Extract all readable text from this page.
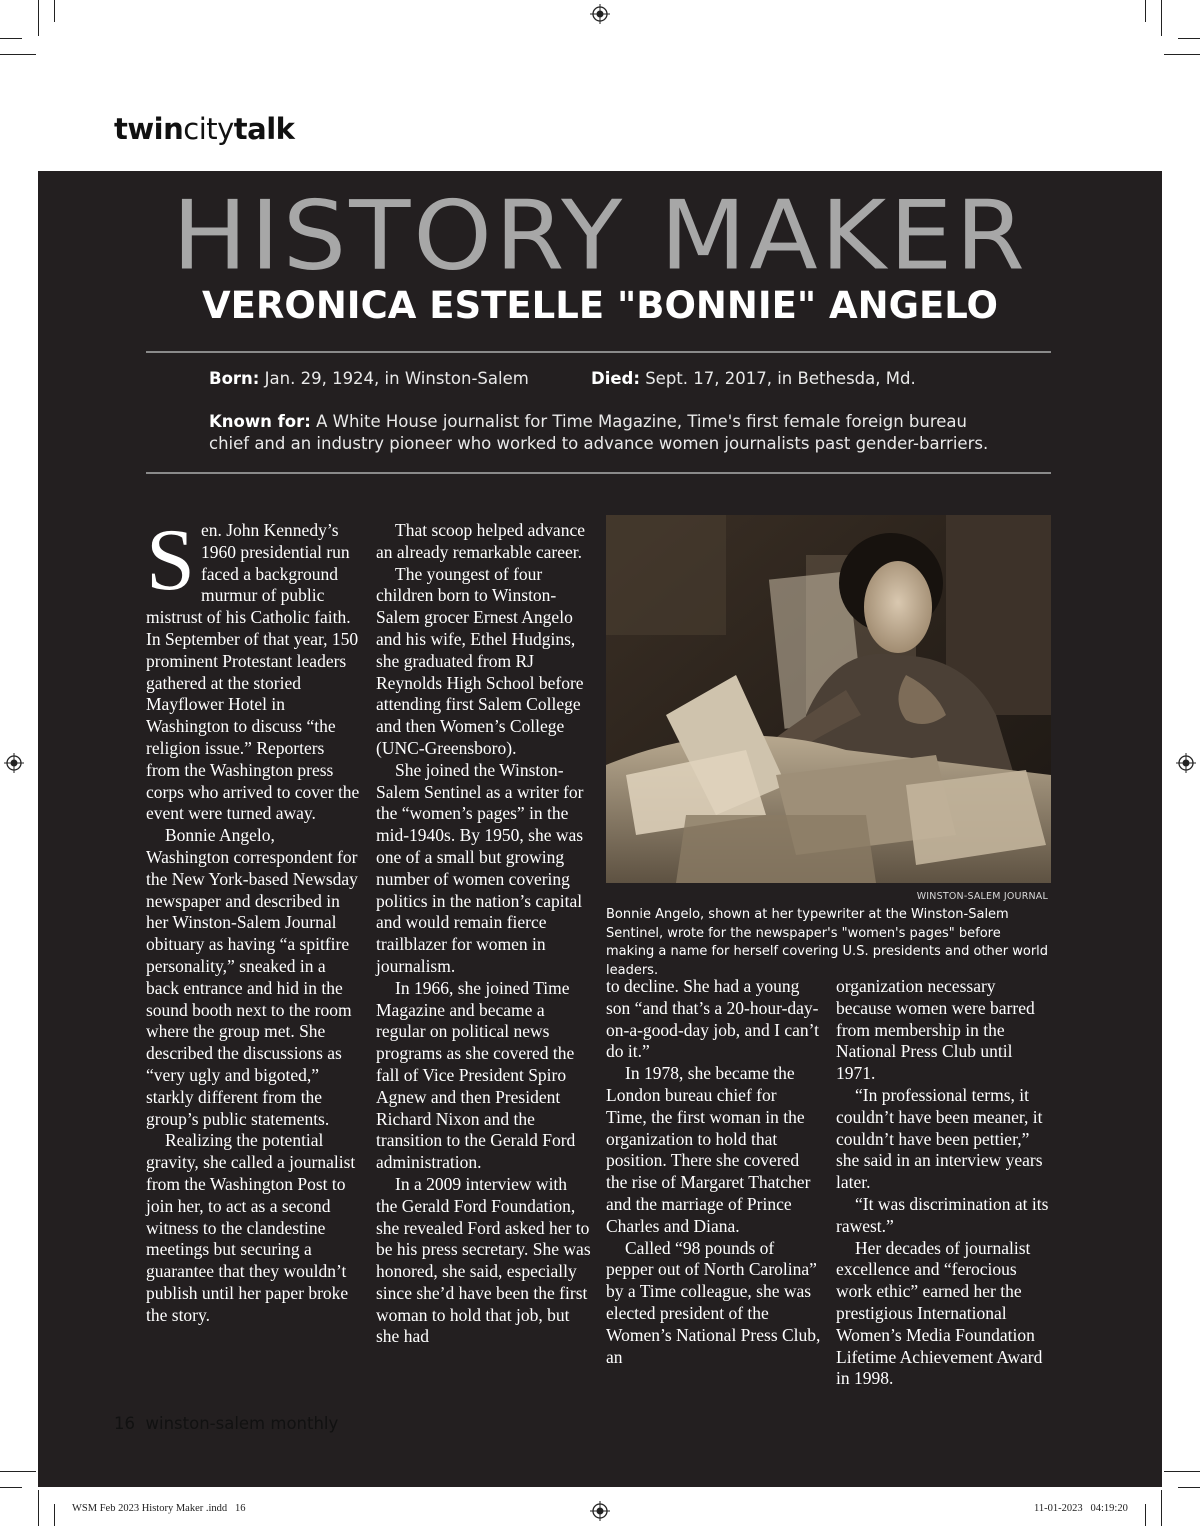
twincitytalk
HISTORY MAKER
VERONICA ESTELLE "BONNIE" ANGELO
Born: Jan. 29, 1924, in Winston-Salem	Died: Sept. 17, 2017, in Bethesda, Md.
Known for: A White House journalist for Time Magazine, Time's first female foreign bureau chief and an industry pioneer who worked to advance women journalists past gender-barriers.
S en. John Kennedy’s 1960 presidential run faced a background murmur of public mistrust of his Catholic faith. In September of that year, 150 prominent Protestant leaders gathered at the storied Mayflower Hotel in Washington to discuss “the religion issue.” Reporters from the Washington press corps who arrived to cover the event were turned away.

Bonnie Angelo, Washington correspondent for the New York-based Newsday newspaper and described in her Winston-Salem Journal obituary as having “a spitfire personality,” sneaked in a back entrance and hid in the sound booth next to the room where the group met. She described the discussions as “very ugly and bigoted,” starkly different from the group’s public statements.

Realizing the potential gravity, she called a journalist from the Washington Post to join her, to act as a second witness to the clandestine meetings but securing a guarantee that they wouldn’t publish until her paper broke the story.

That scoop helped advance an already remarkable career.

The youngest of four children born to Winston-Salem grocer Ernest Angelo and his wife, Ethel Hudgins, she graduated from RJ Reynolds High School before attending first Salem College and then Women’s College (UNC-Greensboro).

She joined the Winston-Salem Sentinel as a writer for the “women’s pages” in the mid-1940s. By 1950, she was one of a small but growing number of women covering politics in the nation’s capital and would remain fierce trailblazer for women in journalism.

In 1966, she joined Time Magazine and became a regular on political news programs as she covered the fall of Vice President Spiro Agnew and then President Richard Nixon and the transition to the Gerald Ford administration.

In a 2009 interview with the Gerald Ford Foundation, she revealed Ford asked her to be his press secretary. She was honored, she said, especially since she’d have been the first woman to hold that job, but she had

WINSTON-SALEM JOURNAL
Bonnie Angelo, shown at her typewriter at the Winston-Salem Sentinel, wrote for the newspaper's "women's pages" before making a name for herself covering U.S. presidents and other world leaders.

to decline. She had a young son “and that’s a 20-hour-day-on-a-good-day job, and I can’t do it.”

In 1978, she became the London bureau chief for Time, the first woman in the organization to hold that position. There she covered the rise of Margaret Thatcher and the marriage of Prince Charles and Diana.

Called “98 pounds of pepper out of North Carolina” by a Time colleague, she was elected president of the Women’s National Press Club, an

organization necessary because women were barred from membership in the National Press Club until 1971.

“In professional terms, it couldn’t have been meaner, it couldn’t have been pettier,” she said in an interview years later.

“It was discrimination at its rawest.”

Her decades of journalist excellence and “ferocious work ethic” earned her the prestigious International Women’s Media Foundation Lifetime Achievement Award in 1998.

16 winston-salem monthly
WSM Feb 2023 History Maker .indd   16	11-01-2023   04:19:20
